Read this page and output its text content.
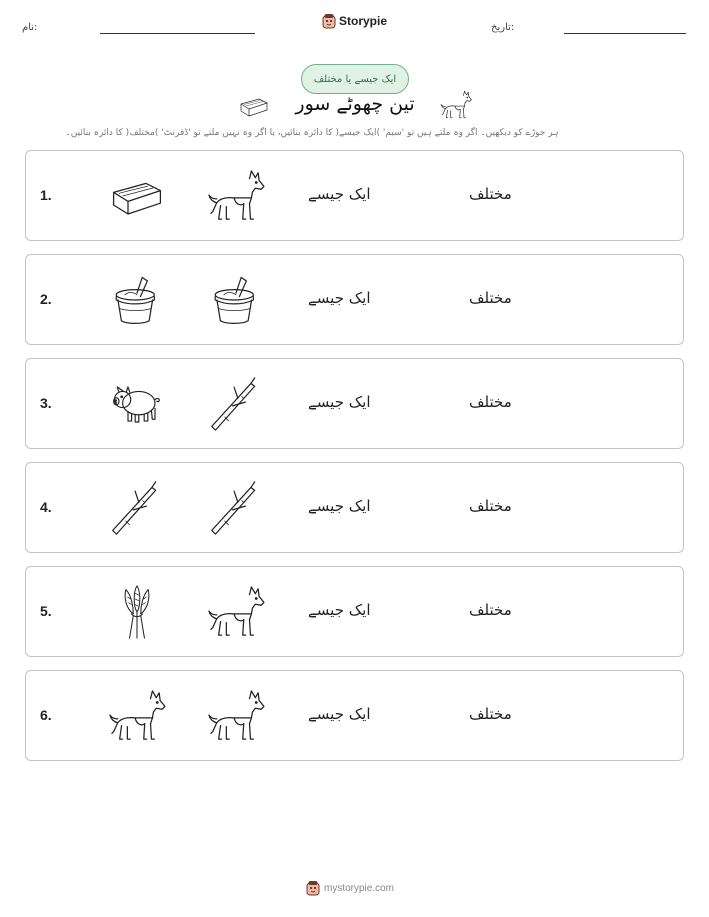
نام:	Storypie	تاریخ:
ایک جیسے یا مختلف
تین چھوٹے سور
ہر جوڑے کو دیکھیں۔ اگر وہ ملتے ہیں تو 'سیم' )ایک جیسے( کا دائرہ بنائیں، یا اگر وہ نہیں ملتے تو 'ڈفرنٹ' )مختلف( کا دائرہ بنائیں۔
1.	ایک جیسے	مختلف
2.	ایک جیسے	مختلف
3.	ایک جیسے	مختلف
4.	ایک جیسے	مختلف
5.	ایک جیسے	مختلف
6.	ایک جیسے	مختلف
mystorypie.com
